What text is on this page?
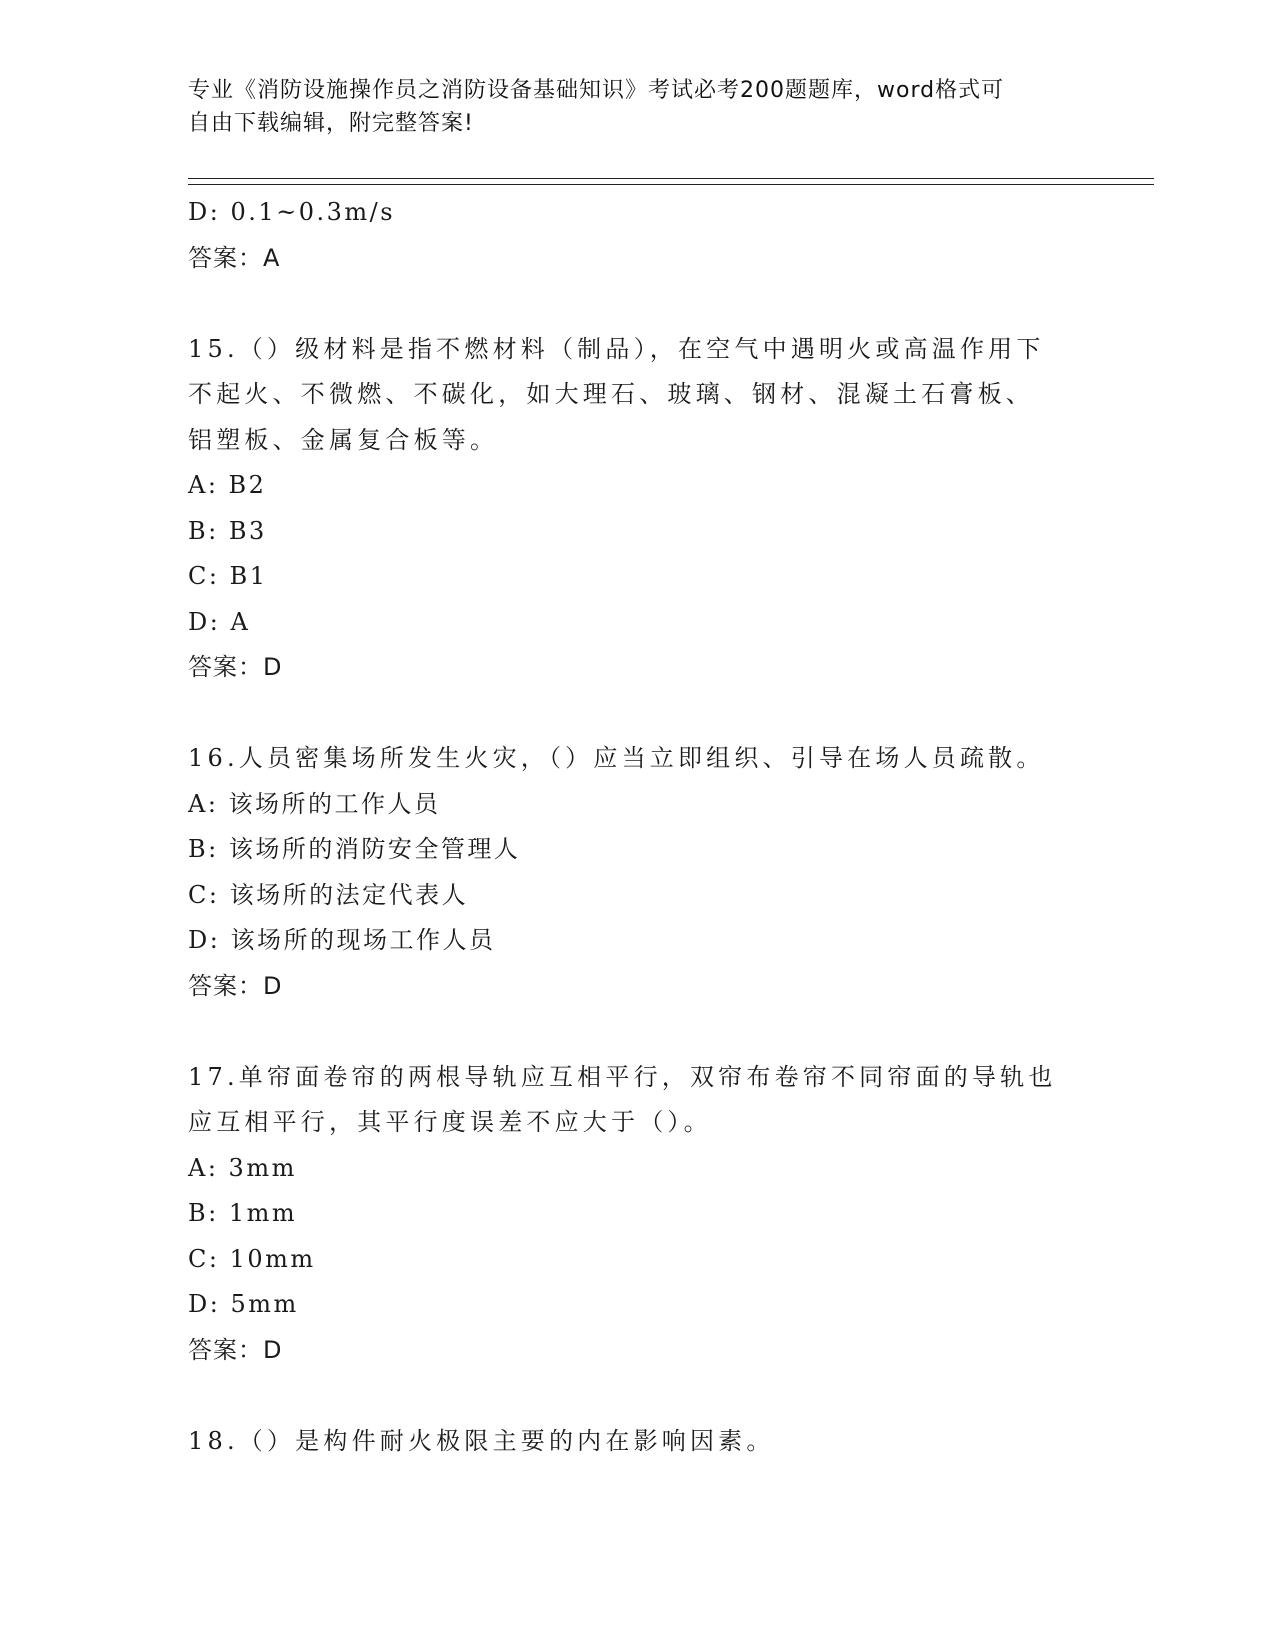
专业《消防设施操作员之消防设备基础知识》考试必考200题题库，word格式可
自由下载编辑，附完整答案!
D: 0.1~0.3m/s
答案：A
15.（）级材料是指不燃材料（制品），在空气中遇明火或高温作用下
不起火、不微燃、不碳化，如大理石、玻璃、钢材、混凝土石膏板、
铝塑板、金属复合板等。
A: B2
B: B3
C: B1
D: A
答案：D
16.人员密集场所发生火灾，（）应当立即组织、引导在场人员疏散。
A: 该场所的工作人员
B: 该场所的消防安全管理人
C: 该场所的法定代表人
D: 该场所的现场工作人员
答案：D
17.单帘面卷帘的两根导轨应互相平行，双帘布卷帘不同帘面的导轨也
应互相平行，其平行度误差不应大于（）。
A: 3mm
B: 1mm
C: 10mm
D: 5mm
答案：D
18.（）是构件耐火极限主要的内在影响因素。
